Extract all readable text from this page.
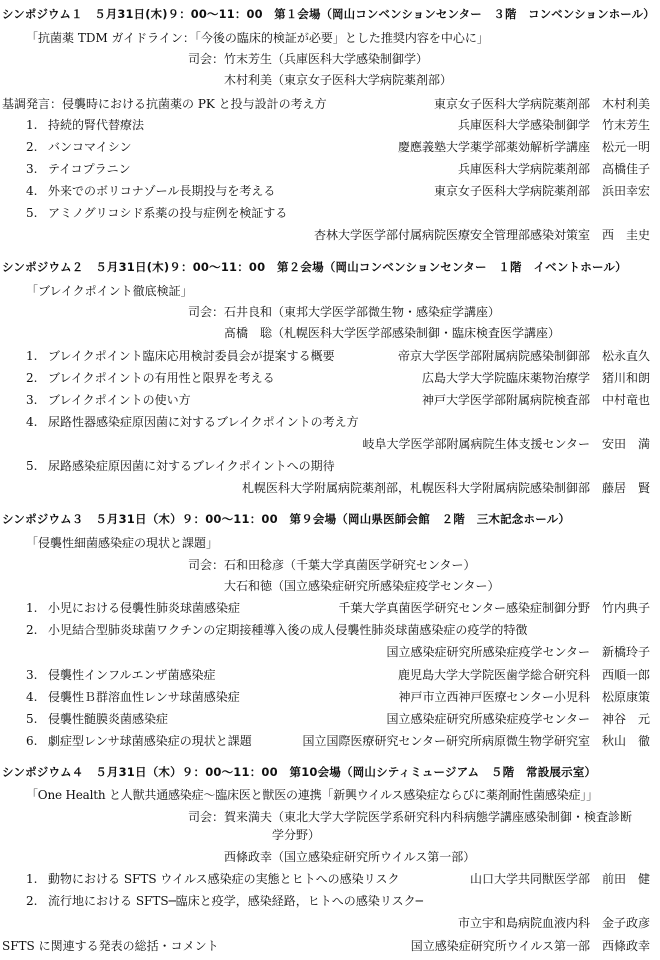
シンポジウム１　５月31日(木)９：00〜11：00　第１会場（岡山コンベンションセンター　３階　コンベンションホール）
「抗菌薬 TDM ガイドライン：「今後の臨床的検証が必要」とした推奨内容を中心に」
司会：竹末芳生（兵庫医科大学感染制御学）
木村利美（東京女子医科大学病院薬剤部）
基調発言：侵襲時における抗菌薬の PK と投与設計の考え方	東京女子医科大学病院薬剤部　木村利美
1. 持続的腎代替療法	兵庫医科大学感染制御学　竹末芳生
2. バンコマイシン	慶應義塾大学薬学部薬効解析学講座　松元一明
3. テイコプラニン	兵庫医科大学病院薬剤部　高橋佳子
4. 外来でのボリコナゾール長期投与を考える	東京女子医科大学病院薬剤部　浜田幸宏
5. アミノグリコシド系薬の投与症例を検証する
杏林大学医学部付属病院医療安全管理部感染対策室　西　圭史
シンポジウム２　５月31日(木)９：00〜11：00　第２会場（岡山コンベンションセンター　１階　イベントホール）
「ブレイクポイント徹底検証」
司会：石井良和（東邦大学医学部微生物・感染症学講座）
髙橋　聡（札幌医科大学医学部感染制御・臨床検査医学講座）
1. ブレイクポイント臨床応用検討委員会が提案する概要	帝京大学医学部附属病院感染制御部　松永直久
2. ブレイクポイントの有用性と限界を考える	広島大学大学院臨床薬物治療学　猪川和朗
3. ブレイクポイントの使い方	神戸大学医学部附属病院検査部　中村竜也
4. 尿路性器感染症原因菌に対するブレイクポイントの考え方
岐阜大学医学部附属病院生体支援センター　安田　満
5. 尿路感染症原因菌に対するブレイクポイントへの期待
札幌医科大学附属病院薬剤部，札幌医科大学附属病院感染制御部　藤居　賢
シンポジウム３　５月31日（木）９：00〜11：00　第９会場（岡山県医師会館　２階　三木記念ホール）
「侵襲性細菌感染症の現状と課題」
司会：石和田稔彦（千葉大学真菌医学研究センター）
大石和徳（国立感染症研究所感染症疫学センター）
1. 小児における侵襲性肺炎球菌感染症	千葉大学真菌医学研究センター感染症制御分野　竹内典子
2. 小児結合型肺炎球菌ワクチンの定期接種導入後の成人侵襲性肺炎球菌感染症の疫学的特徴
国立感染症研究所感染症疫学センター　新橋玲子
3. 侵襲性インフルエンザ菌感染症	鹿児島大学大学院医歯学総合研究科　西順一郎
4. 侵襲性Ｂ群溶血性レンサ球菌感染症	神戸市立西神戸医療センター小児科　松原康策
5. 侵襲性髄膜炎菌感染症	国立感染症研究所感染症疫学センター　神谷　元
6. 劇症型レンサ球菌感染症の現状と課題	国立国際医療研究センター研究所病原微生物学研究室　秋山　徹
シンポジウム４　５月31日（木）９：00〜11：00　第10会場（岡山シティミュージアム　５階　常設展示室）
「One Health と人獣共通感染症〜臨床医と獣医の連携「新興ウイルス感染症ならびに薬剤耐性菌感染症」」
司会：賀来満夫（東北大学大学院医学系研究科内科病態学講座感染制御・検査診断
学分野）
西條政幸（国立感染症研究所ウイルス第一部）
1. 動物における SFTS ウイルス感染症の実態とヒトへの感染リスク	山口大学共同獣医学部　前田　健
2. 流行地における SFTS─臨床と疫学，感染経路，ヒトへの感染リスク─
市立宇和島病院血液内科　金子政彦
SFTS に関連する発表の総括・コメント	国立感染症研究所ウイルス第一部　西條政幸
